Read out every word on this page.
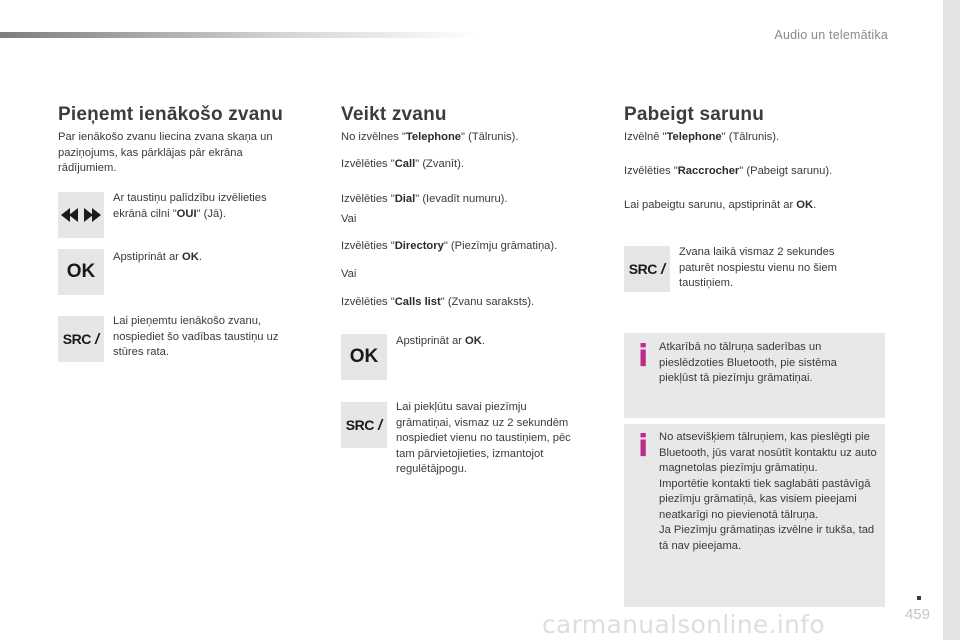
Audio un telemātika
Pieņemt ienākošo zvanu
Par ienākošo zvanu liecina zvana skaņa un paziņojums, kas pārklājas pār ekrāna rādījumiem.
Ar taustiņu palīdzību izvēlieties ekrānā cilni "OUI" (Jā).
OK
Apstiprināt ar OK.
SRC /
Lai pieņemtu ienākošo zvanu, nospiediet šo vadības taustiņu uz stūres rata.
Veikt zvanu
No izvēlnes "Telephone" (Tālrunis).
Izvēlēties "Call" (Zvanīt).
Izvēlēties "Dial" (Ievadīt numuru).
Vai
Izvēlēties "Directory" (Piezīmju grāmatiņa).
Vai
Izvēlēties "Calls list" (Zvanu saraksts).
OK
Apstiprināt ar OK.
SRC /
Lai piekļūtu savai piezīmju grāmatiņai, vismaz uz 2 sekundēm nospiediet vienu no taustiņiem, pēc tam pārvietojieties, izmantojot regulētājpogu.
Pabeigt sarunu
Izvēlnē "Telephone" (Tālrunis).
Izvēlēties "Raccrocher" (Pabeigt sarunu).
Lai pabeigtu sarunu, apstiprināt ar OK.
SRC /
Zvana laikā vismaz 2 sekundes paturēt nospiestu vienu no šiem taustiņiem.
i Atkarībā no tālruņa saderības un pieslēdzoties Bluetooth, pie sistēma piekļūst tā piezīmju grāmatiņai.
i No atsevišķiem tālruņiem, kas pieslēgti pie Bluetooth, jūs varat nosūtīt kontaktu uz auto magnetolas piezīmju grāmatiņu.
Importētie kontakti tiek saglabāti pastāvīgā piezīmju grāmatiņā, kas visiem pieejami neatkarīgi no pievienotā tālruņa.
Ja Piezīmju grāmatiņas izvēlne ir tukša, tad tā nav pieejama.
459
carmanualsonline.info
